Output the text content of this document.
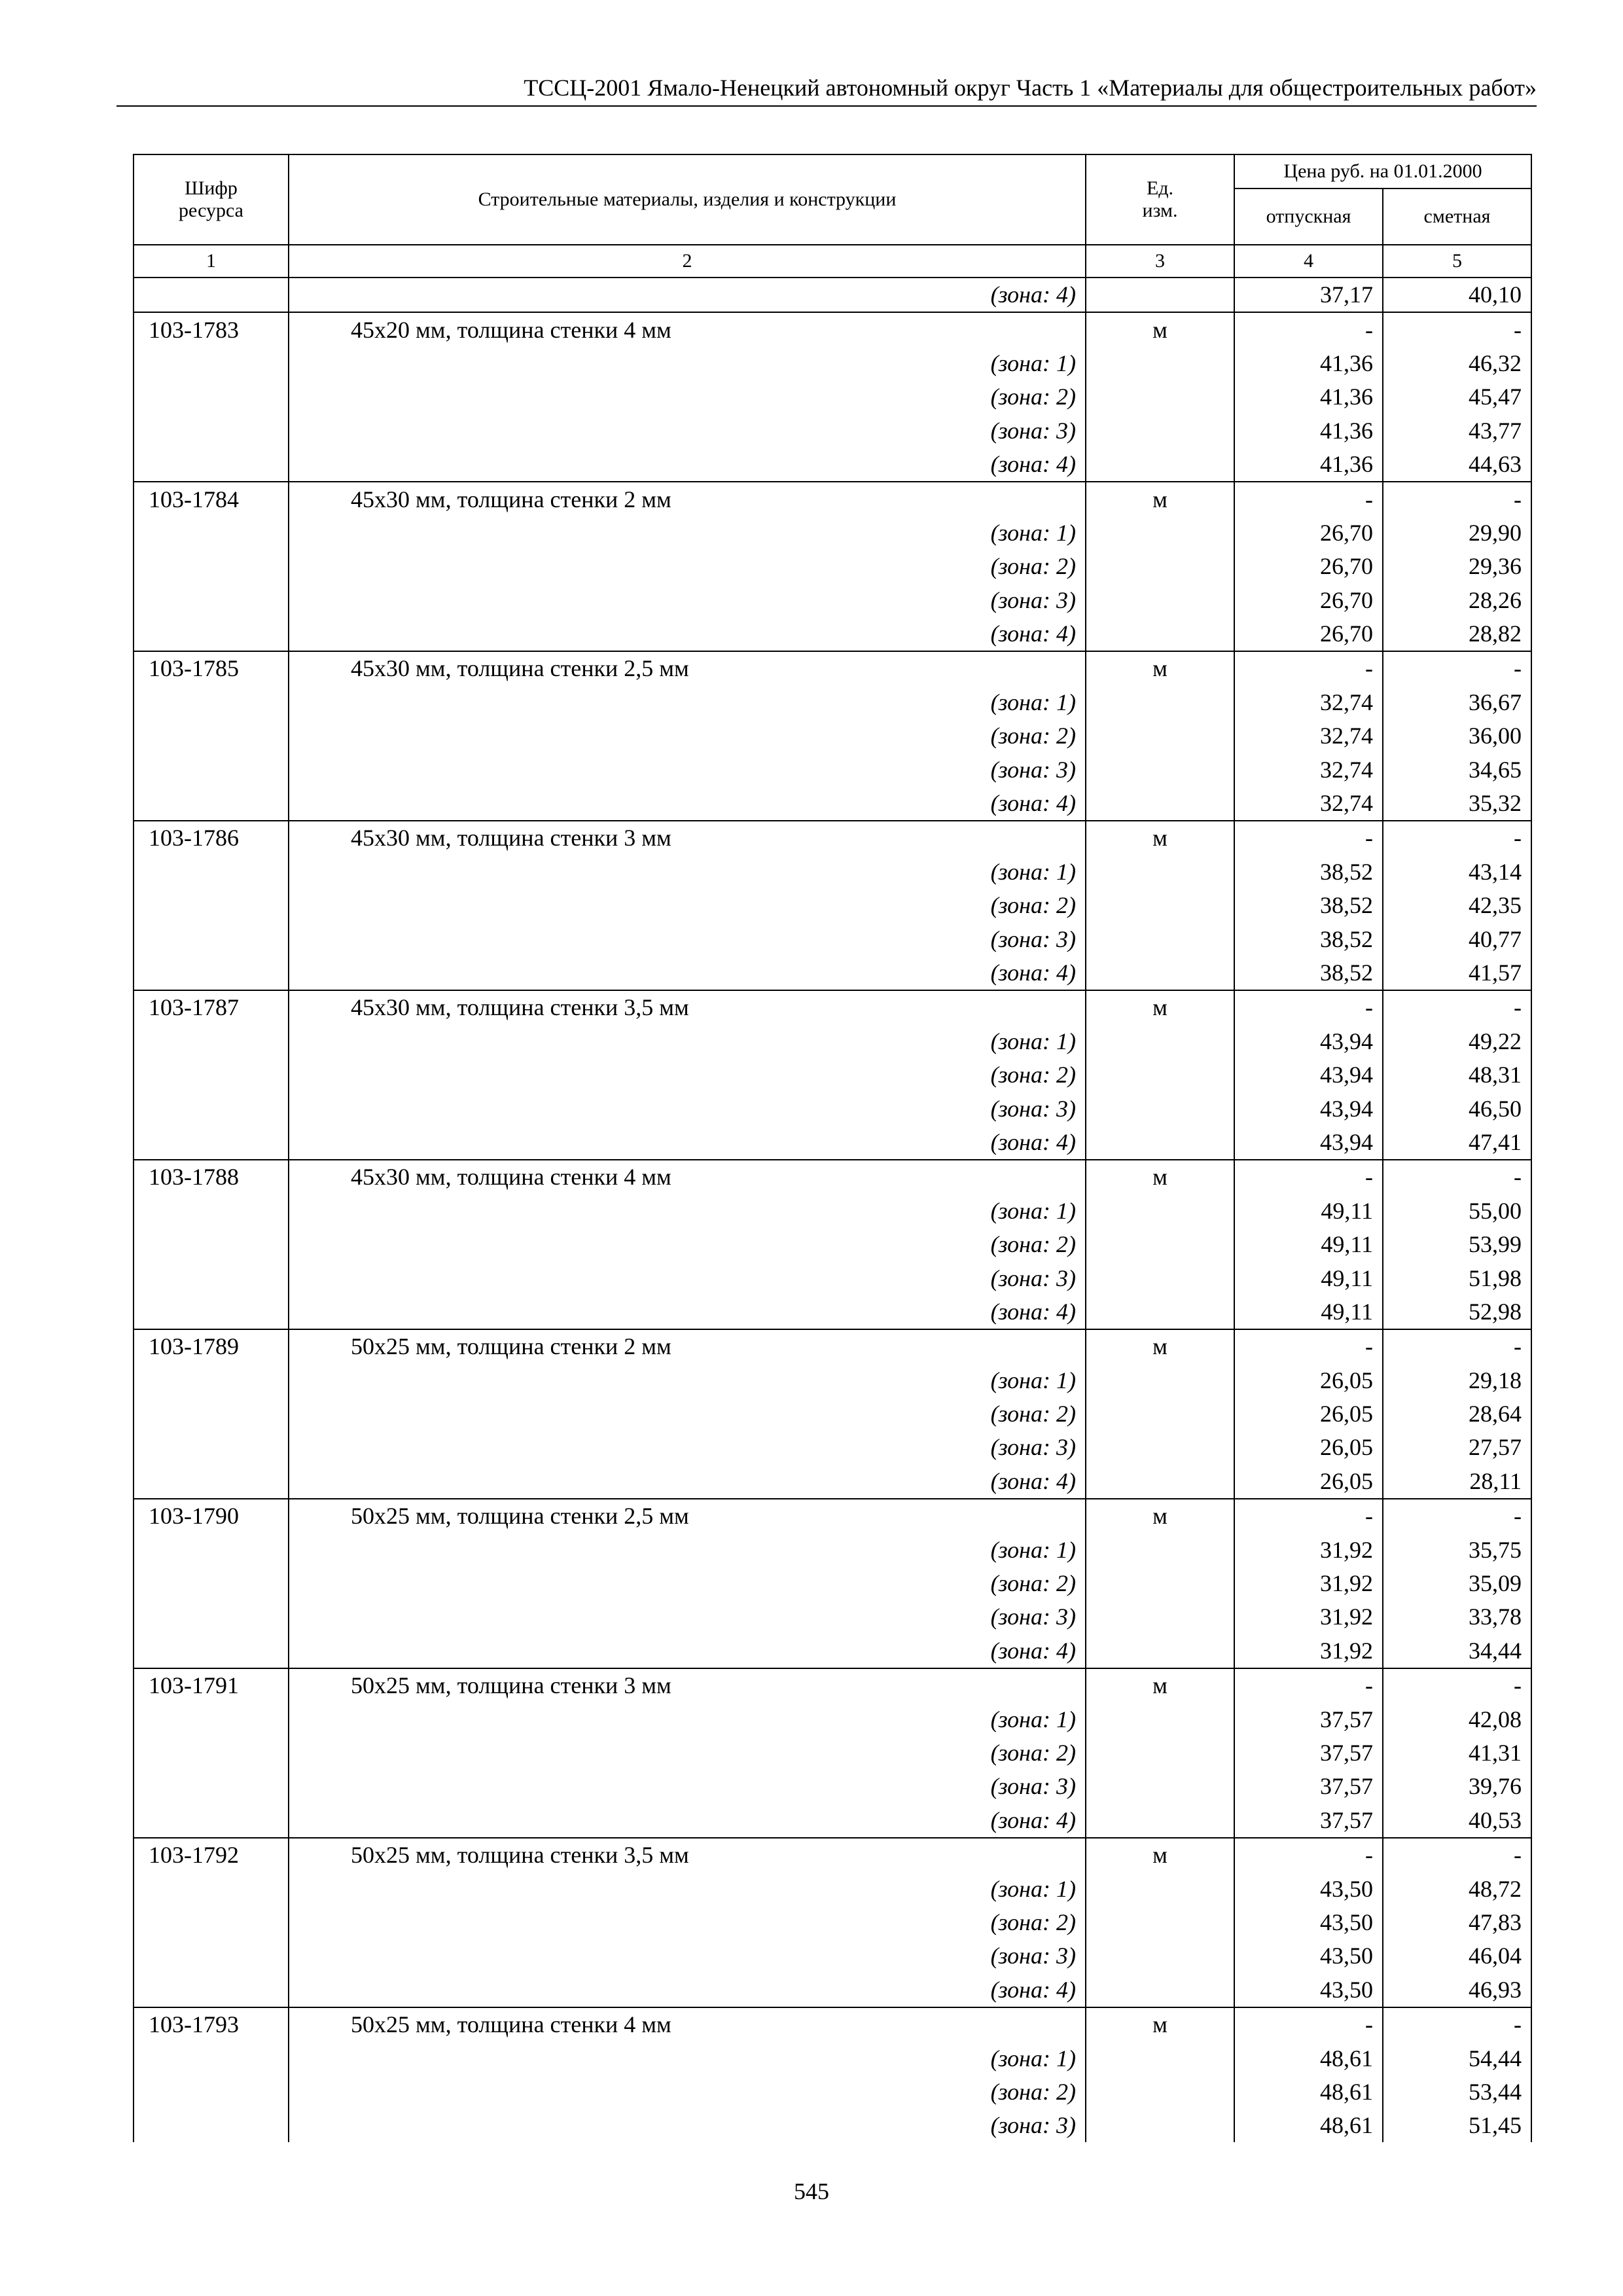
ТССЦ-2001 Ямало-Ненецкий автономный округ Часть 1 «Материалы для общестроительных работ»
Шифр ресурса	Строительные материалы, изделия и конструкции	Ед. изм.	Цена руб. на 01.01.2000	
			отпускная	сметная
1	2	3	4	5
	(зона: 4)		37,17	40,10
103-1783	45х20 мм, толщина стенки 4 мм	м	-	-
	(зона: 1)		41,36	46,32
	(зона: 2)		41,36	45,47
	(зона: 3)		41,36	43,77
	(зона: 4)		41,36	44,63
103-1784	45х30 мм, толщина стенки 2 мм	м	-	-
	(зона: 1)		26,70	29,90
	(зона: 2)		26,70	29,36
	(зона: 3)		26,70	28,26
	(зона: 4)		26,70	28,82
103-1785	45х30 мм, толщина стенки 2,5 мм	м	-	-
	(зона: 1)		32,74	36,67
	(зона: 2)		32,74	36,00
	(зона: 3)		32,74	34,65
	(зона: 4)		32,74	35,32
103-1786	45х30 мм, толщина стенки 3 мм	м	-	-
	(зона: 1)		38,52	43,14
	(зона: 2)		38,52	42,35
	(зона: 3)		38,52	40,77
	(зона: 4)		38,52	41,57
103-1787	45х30 мм, толщина стенки 3,5 мм	м	-	-
	(зона: 1)		43,94	49,22
	(зона: 2)		43,94	48,31
	(зона: 3)		43,94	46,50
	(зона: 4)		43,94	47,41
103-1788	45х30 мм, толщина стенки 4 мм	м	-	-
	(зона: 1)		49,11	55,00
	(зона: 2)		49,11	53,99
	(зона: 3)		49,11	51,98
	(зона: 4)		49,11	52,98
103-1789	50х25 мм, толщина стенки 2 мм	м	-	-
	(зона: 1)		26,05	29,18
	(зона: 2)		26,05	28,64
	(зона: 3)		26,05	27,57
	(зона: 4)		26,05	28,11
103-1790	50х25 мм, толщина стенки 2,5 мм	м	-	-
	(зона: 1)		31,92	35,75
	(зона: 2)		31,92	35,09
	(зона: 3)		31,92	33,78
	(зона: 4)		31,92	34,44
103-1791	50х25 мм, толщина стенки 3 мм	м	-	-
	(зона: 1)		37,57	42,08
	(зона: 2)		37,57	41,31
	(зона: 3)		37,57	39,76
	(зона: 4)		37,57	40,53
103-1792	50х25 мм, толщина стенки 3,5 мм	м	-	-
	(зона: 1)		43,50	48,72
	(зона: 2)		43,50	47,83
	(зона: 3)		43,50	46,04
	(зона: 4)		43,50	46,93
103-1793	50х25 мм, толщина стенки 4 мм	м	-	-
	(зона: 1)		48,61	54,44
	(зона: 2)		48,61	53,44
	(зона: 3)		48,61	51,45
545
